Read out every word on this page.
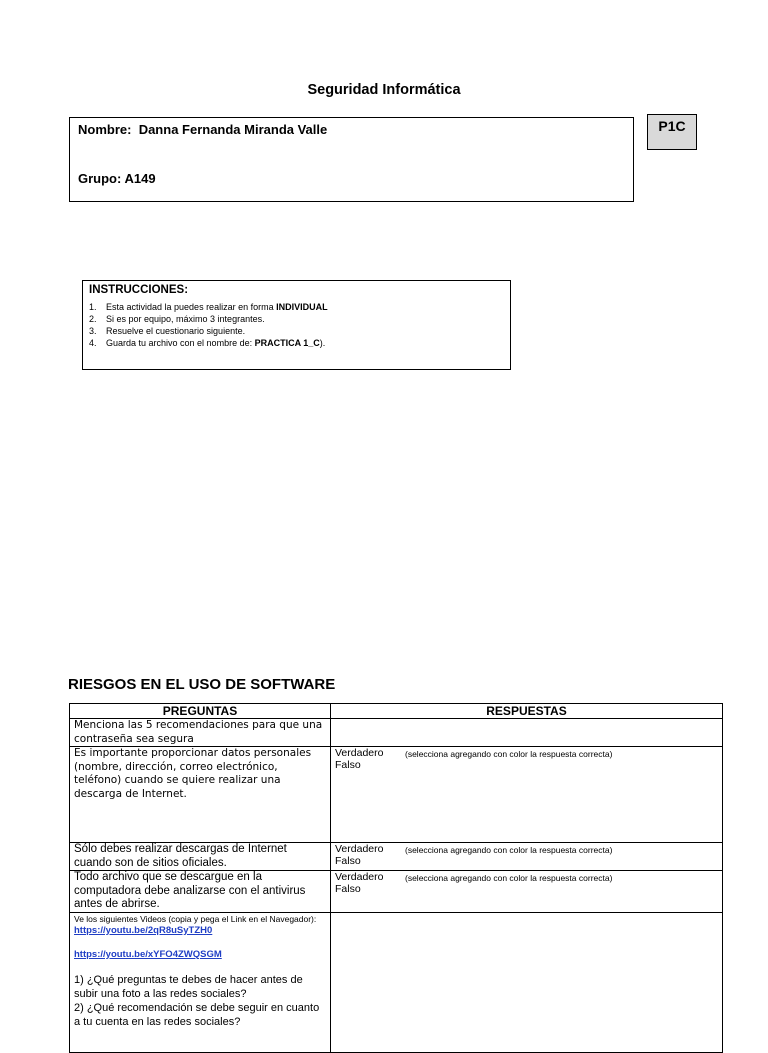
Seguridad Informática
Nombre: Danna Fernanda Miranda Valle
Grupo: A149
P1C
INSTRUCCIONES:
1.	Esta actividad la puedes realizar en forma INDIVIDUAL
2.	Si es por equipo, máximo 3 integrantes.
3.	Resuelve el cuestionario siguiente.
4.	Guarda tu archivo con el nombre de: PRACTICA 1_C).
RIESGOS EN EL USO DE SOFTWARE
PREGUNTAS	RESPUESTAS
Menciona las 5 recomendaciones para que una contraseña sea segura	
Es importante proporcionar datos personales (nombre, dirección, correo electrónico, teléfono) cuando se quiere realizar una descarga de Internet.	Verdadero
Falso
(selecciona agregando con color la respuesta correcta)

Sólo debes realizar descargas de Internet cuando son de sitios oficiales.	Verdadero
Falso
(selecciona agregando con color la respuesta correcta)

Todo archivo que se descargue en la computadora debe analizarse con el antivirus antes de abrirse.	Verdadero
Falso
(selecciona agregando con color la respuesta correcta)

Ve los siguientes Videos (copia y pega el Link en el Navegador):
https://youtu.be/2qR8uSyTZH0
https://youtu.be/xYFO4ZWQSGM
1) ¿Qué preguntas te debes de hacer antes de subir una foto a las redes sociales?
2) ¿Qué recomendación se debe seguir en cuanto a tu cuenta en las redes sociales?	
